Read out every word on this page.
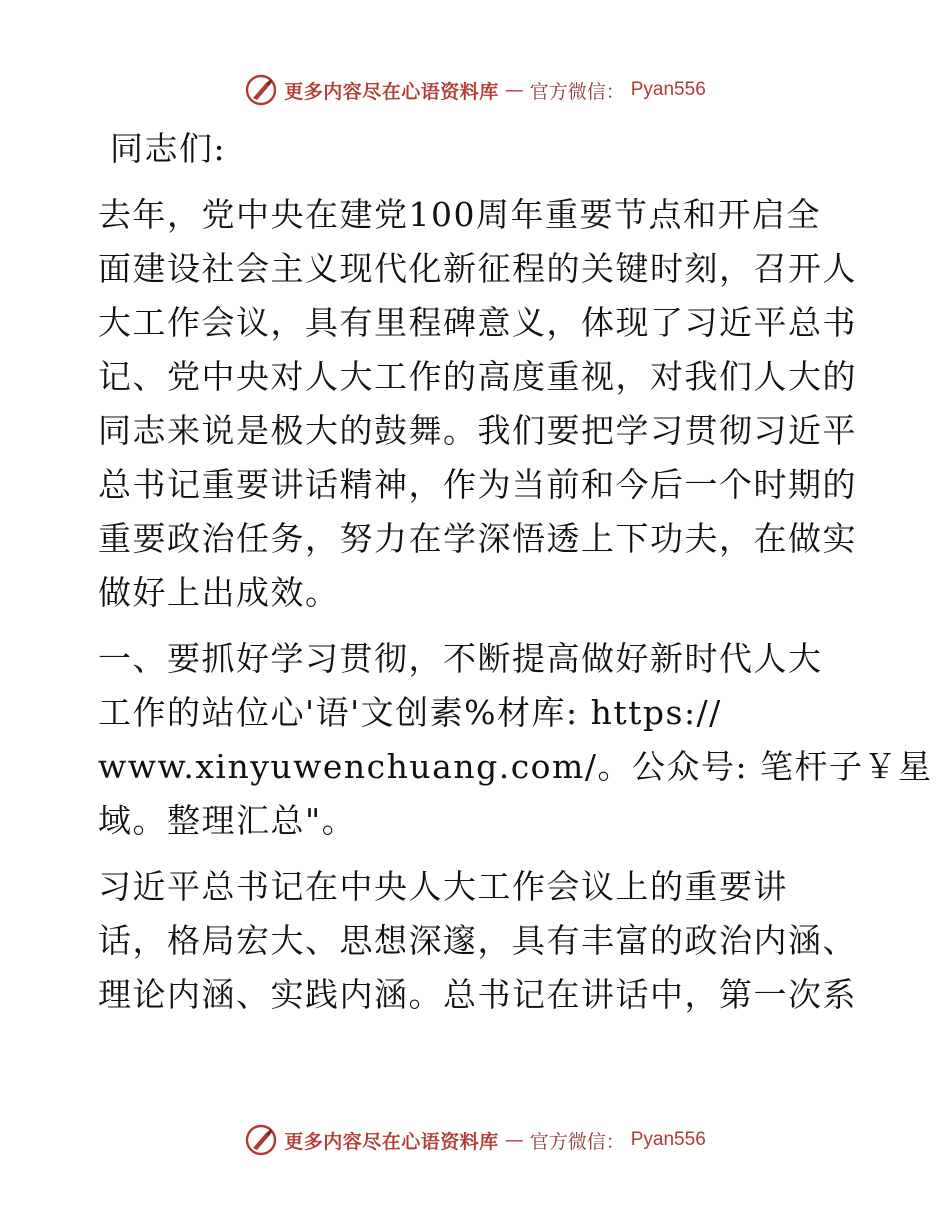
更多内容尽在心语资料库 — 官方微信： Pyan556
同志们:
去年，党中央在建党100周年重要节点和开启全
面建设社会主义现代化新征程的关键时刻，召开人
大工作会议，具有里程碑意义，体现了习近平总书
记、党中央对人大工作的高度重视，对我们人大的
同志来说是极大的鼓舞。我们要把学习贯彻习近平
总书记重要讲话精神，作为当前和今后一个时期的
重要政治任务，努力在学深悟透上下功夫，在做实
做好上出成效。
一、要抓好学习贯彻，不断提高做好新时代人大
工作的站位心'语'文创素%材库: https://
www.xinyuwenchuang.com/。公众号: 笔杆子￥星
域。整理汇总"。
习近平总书记在中央人大工作会议上的重要讲
话，格局宏大、思想深邃，具有丰富的政治内涵、
理论内涵、实践内涵。总书记在讲话中，第一次系
更多内容尽在心语资料库 — 官方微信： Pyan556
